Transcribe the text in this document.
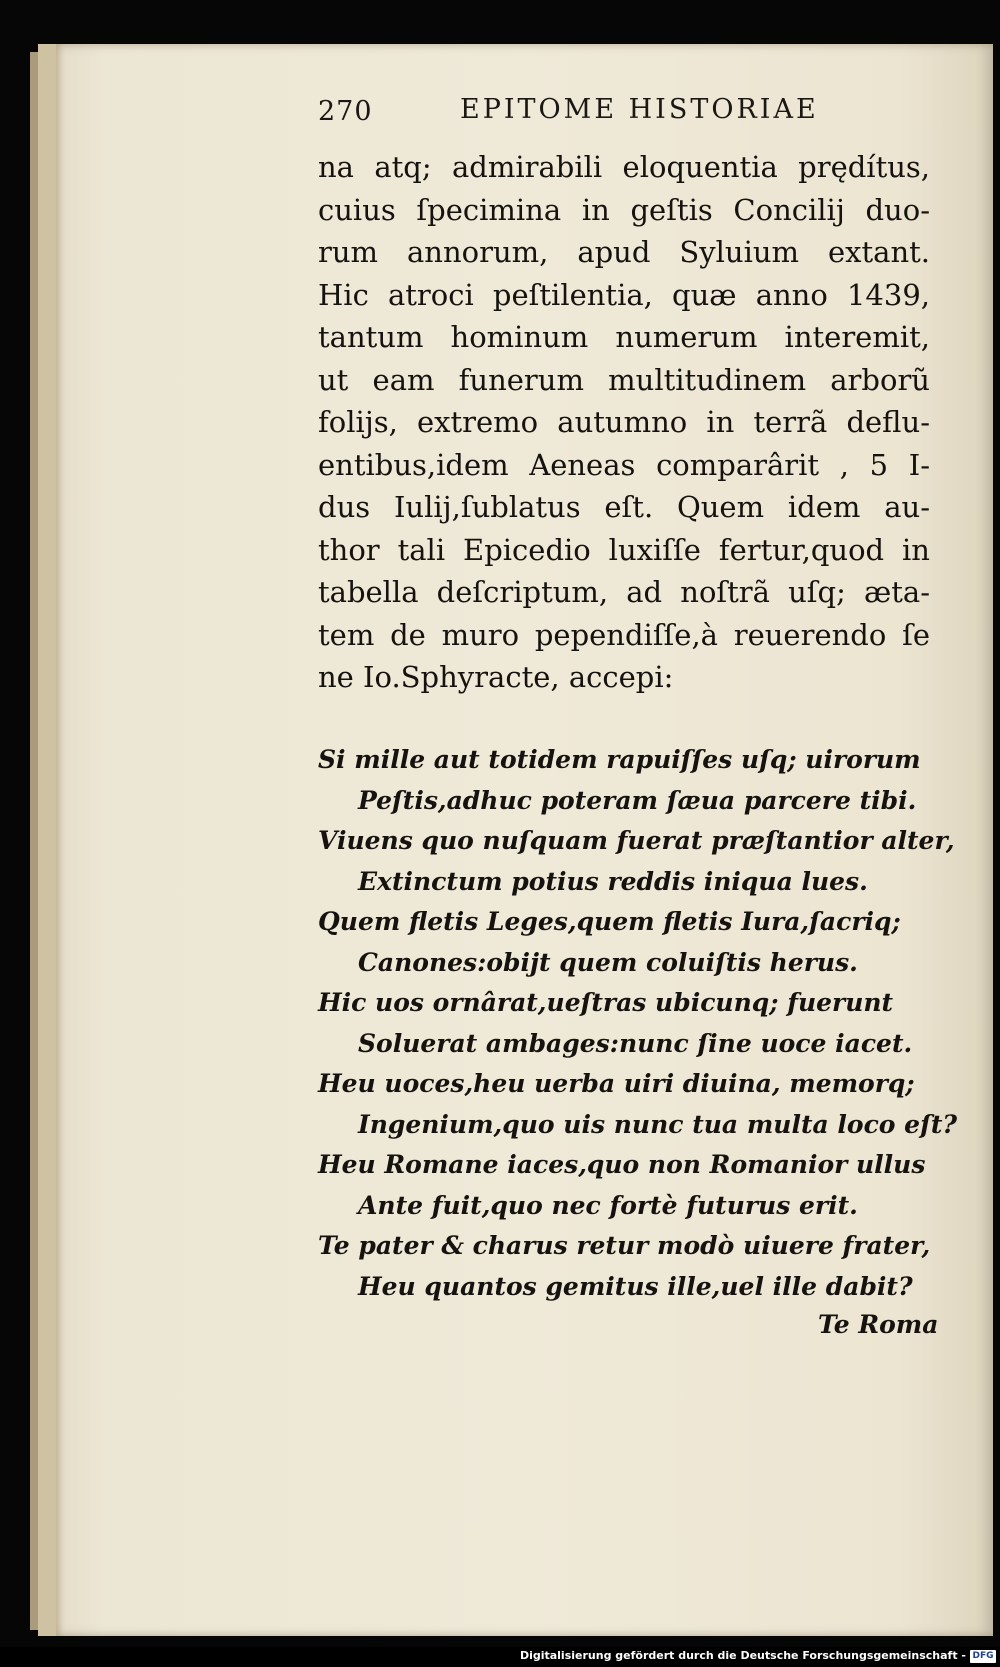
270	EPITOME HISTORIAE
na atq; admirabili eloquentia prędítus,
cuius ſpecimina in geſtis Concilij duo-
rum annorum, apud Syluium extant.
Hic atroci peſtilentia, quæ anno 1439,
tantum hominum numerum interemit,
ut eam funerum multitudinem arborũ
folijs, extremo autumno in terrã deflu-
entibus,idem Aeneas comparârit , 5 I-
dus Iulij,ſublatus eſt. Quem idem au-
thor tali Epicedio luxiſſe fertur,quod in
tabella deſcriptum, ad noſtrã uſq; æta-
tem de muro pependiſſe,à reuerendo ſe
ne Io.Sphyracte, accepi:
Si mille aut totidem rapuiſſes uſq; uirorum
Peſtis,adhuc poteram ſæua parcere tibi.
Viuens quo nuſquam fuerat præſtantior alter,
Extinctum potius reddis iniqua lues.
Quem fletis Leges,quem fletis Iura,ſacriq;
Canones:obijt quem coluiſtis herus.
Hic uos ornârat,ueſtras ubicunq; fuerunt
Soluerat ambages:nunc ſine uoce iacet.
Heu uoces,heu uerba uiri diuina, memorq;
Ingenium,quo uis nunc tua multa loco eſt?
Heu Romane iaces,quo non Romanior ullus
Ante fuit,quo nec fortè futurus erit.
Te pater & charus retur modò uiuere frater,
Heu quantos gemitus ille,uel ille dabit?
Te Roma
Digitalisierung gefördert durch die Deutsche Forschungsgemeinschaft - DFG
